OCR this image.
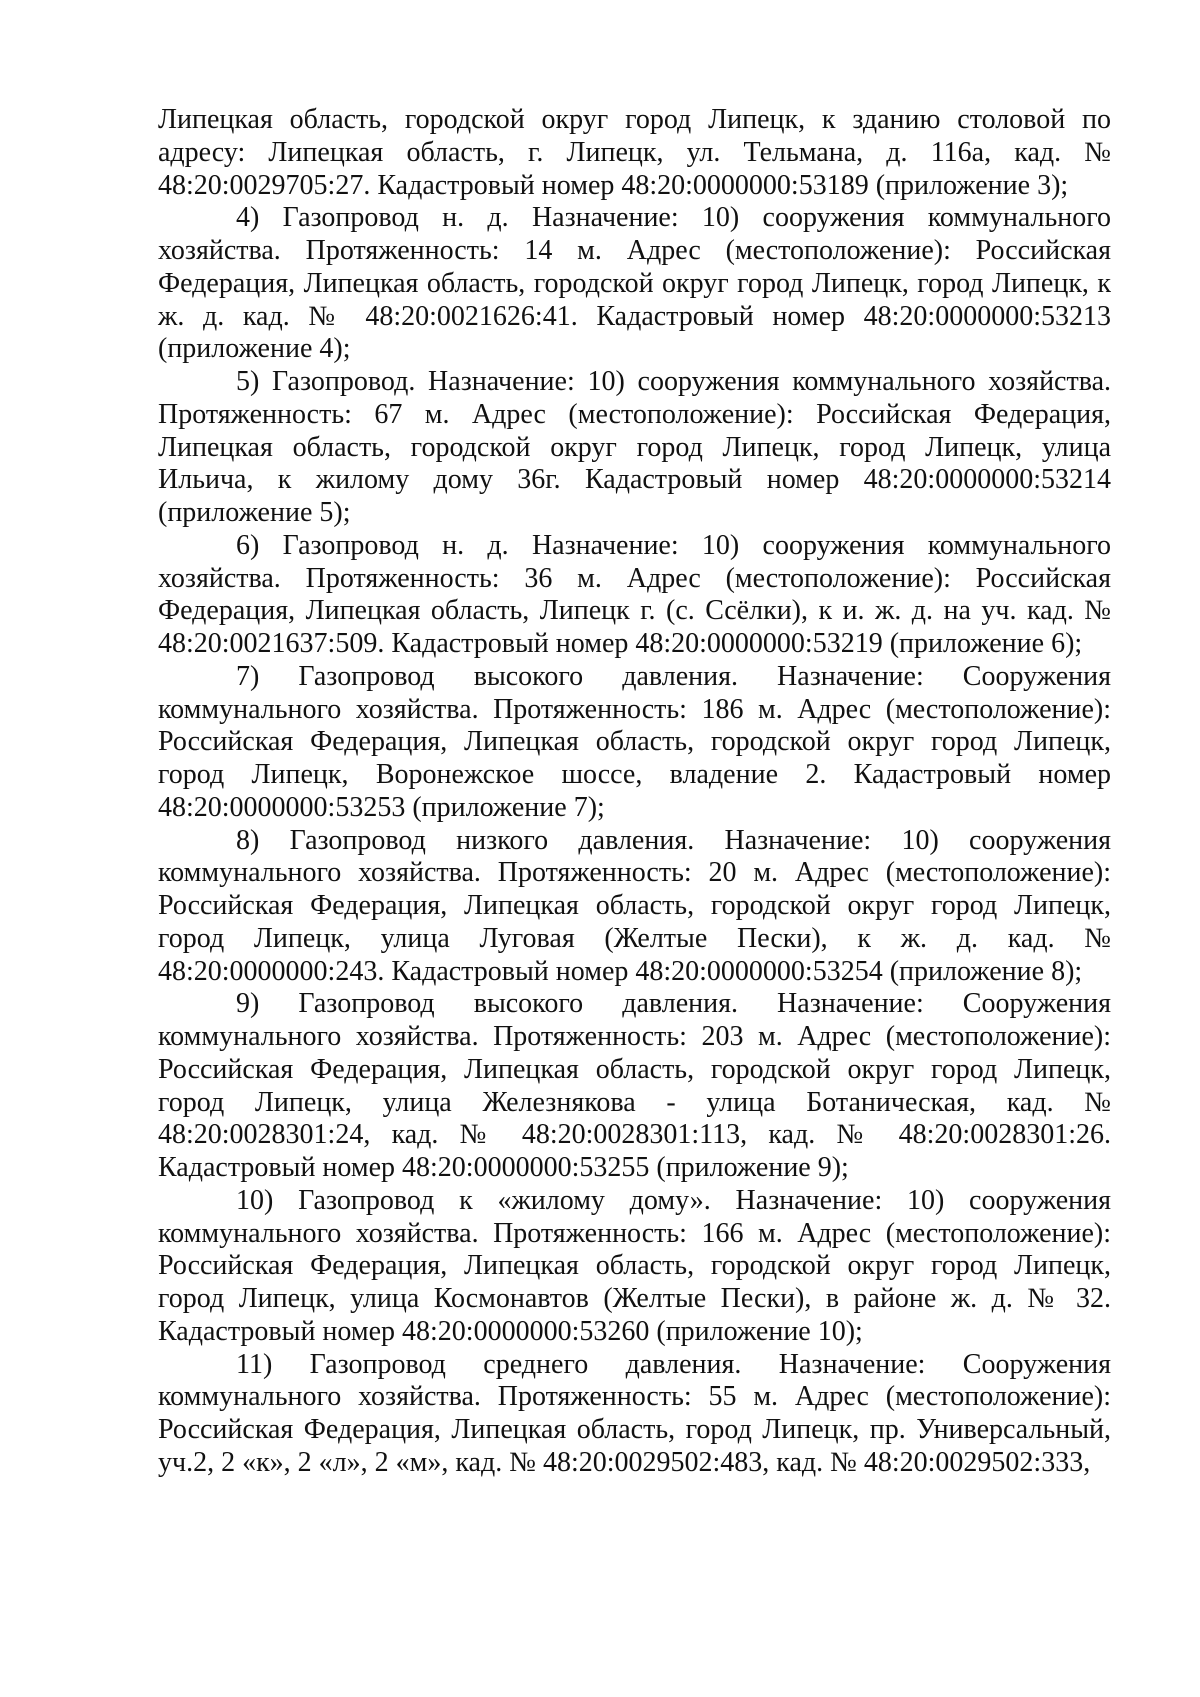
Липецкая область, городской округ город Липецк, к зданию столовой по адресу: Липецкая область, г. Липецк, ул. Тельмана, д. 116а, кад. № 48:20:0029705:27. Кадастровый номер 48:20:0000000:53189 (приложение 3);

4) Газопровод н. д. Назначение: 10) сооружения коммунального хозяйства. Протяженность: 14 м. Адрес (местоположение): Российская Федерация, Липецкая область, городской округ город Липецк, город Липецк, к ж. д. кад. № 48:20:0021626:41. Кадастровый номер 48:20:0000000:53213 (приложение 4);

5) Газопровод. Назначение: 10) сооружения коммунального хозяйства. Протяженность: 67 м. Адрес (местоположение): Российская Федерация, Липецкая область, городской округ город Липецк, город Липецк, улица Ильича, к жилому дому 36г. Кадастровый номер 48:20:0000000:53214 (приложение 5);

6) Газопровод н. д. Назначение: 10) сооружения коммунального хозяйства. Протяженность: 36 м. Адрес (местоположение): Российская Федерация, Липецкая область, Липецк г. (с. Ссёлки), к и. ж. д. на уч. кад. № 48:20:0021637:509. Кадастровый номер 48:20:0000000:53219 (приложение 6);

7) Газопровод высокого давления. Назначение: Сооружения коммунального хозяйства. Протяженность: 186 м. Адрес (местоположение): Российская Федерация, Липецкая область, городской округ город Липецк, город Липецк, Воронежское шоссе, владение 2. Кадастровый номер 48:20:0000000:53253 (приложение 7);

8) Газопровод низкого давления. Назначение: 10) сооружения коммунального хозяйства. Протяженность: 20 м. Адрес (местоположение): Российская Федерация, Липецкая область, городской округ город Липецк, город Липецк, улица Луговая (Желтые Пески), к ж. д. кад. № 48:20:0000000:243. Кадастровый номер 48:20:0000000:53254 (приложение 8);

9) Газопровод высокого давления. Назначение: Сооружения коммунального хозяйства. Протяженность: 203 м. Адрес (местоположение): Российская Федерация, Липецкая область, городской округ город Липецк, город Липецк, улица Железнякова - улица Ботаническая, кад. № 48:20:0028301:24, кад. № 48:20:0028301:113, кад. № 48:20:0028301:26. Кадастровый номер 48:20:0000000:53255 (приложение 9);

10) Газопровод к «жилому дому». Назначение: 10) сооружения коммунального хозяйства. Протяженность: 166 м. Адрес (местоположение): Российская Федерация, Липецкая область, городской округ город Липецк, город Липецк, улица Космонавтов (Желтые Пески), в районе ж. д. № 32. Кадастровый номер 48:20:0000000:53260 (приложение 10);

11) Газопровод среднего давления. Назначение: Сооружения коммунального хозяйства. Протяженность: 55 м. Адрес (местоположение): Российская Федерация, Липецкая область, город Липецк, пр. Универсальный, уч.2, 2 «к», 2 «л», 2 «м», кад. № 48:20:0029502:483, кад. № 48:20:0029502:333,
